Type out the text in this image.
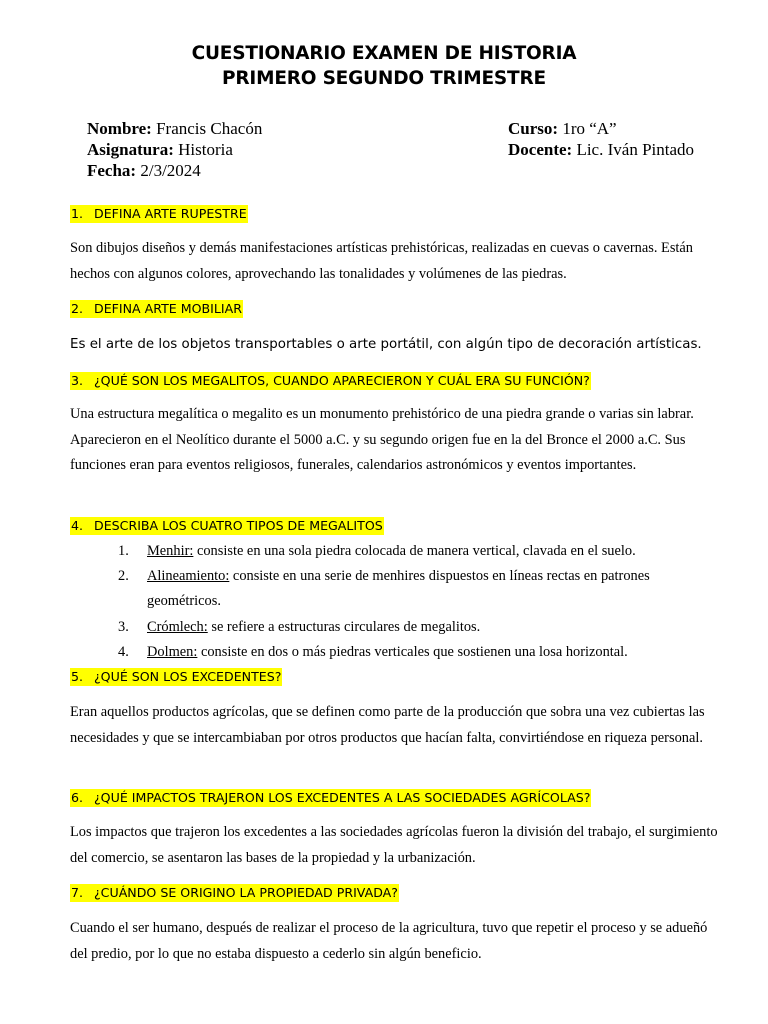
CUESTIONARIO EXAMEN DE HISTORIA
PRIMERO SEGUNDO TRIMESTRE
Nombre: Francis Chacón
Asignatura: Historia
Fecha: 2/3/2024
Curso: 1ro “A”
Docente: Lic. Iván Pintado
1. DEFINA ARTE RUPESTRE
Son dibujos diseños y demás manifestaciones artísticas prehistóricas, realizadas en cuevas o cavernas. Están hechos con algunos colores, aprovechando las tonalidades y volúmenes de las piedras.
2. DEFINA ARTE MOBILIAR
Es el arte de los objetos transportables o arte portátil, con algún tipo de decoración artísticas.
3. ¿QUÉ SON LOS MEGALITOS, CUANDO APARECIERON Y CUÁL ERA SU FUNCIÓN?
Una estructura megalítica o megalito es un monumento prehistórico de una piedra grande o varias sin labrar. Aparecieron en el Neolítico durante el 5000 a.C. y su segundo origen fue en la del Bronce el 2000 a.C. Sus funciones eran para eventos religiosos, funerales, calendarios astronómicos y eventos importantes.
4. DESCRIBA LOS CUATRO TIPOS DE MEGALITOS
1. Menhir: consiste en una sola piedra colocada de manera vertical, clavada en el suelo.
2. Alineamiento: consiste en una serie de menhires dispuestos en líneas rectas en patrones geométricos.
3. Crómlech: se refiere a estructuras circulares de megalitos.
4. Dolmen: consiste en dos o más piedras verticales que sostienen una losa horizontal.
5. ¿QUÉ SON LOS EXCEDENTES?
Eran aquellos productos agrícolas, que se definen como parte de la producción que sobra una vez cubiertas las necesidades y que se intercambiaban por otros productos que hacían falta, convirtiéndose en riqueza personal.
6. ¿QUÉ IMPACTOS TRAJERON LOS EXCEDENTES A LAS SOCIEDADES AGRÍCOLAS?
Los impactos que trajeron los excedentes a las sociedades agrícolas fueron la división del trabajo, el surgimiento del comercio, se asentaron las bases de la propiedad y la urbanización.
7. ¿CUÁNDO SE ORIGINO LA PROPIEDAD PRIVADA?
Cuando el ser humano, después de realizar el proceso de la agricultura, tuvo que repetir el proceso y se adueñó del predio, por lo que no estaba dispuesto a cederlo sin algún beneficio.
